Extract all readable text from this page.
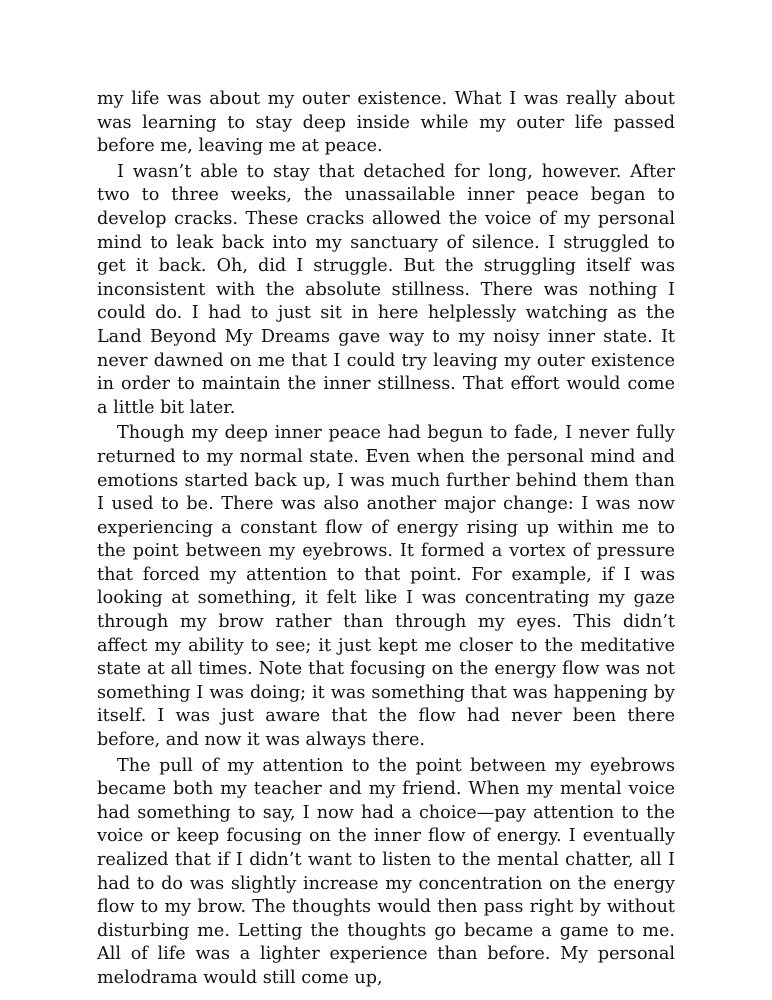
my life was about my outer existence. What I was really about was learning to stay deep inside while my outer life passed before me, leaving me at peace.

I wasn’t able to stay that detached for long, however. After two to three weeks, the unassailable inner peace began to develop cracks. These cracks allowed the voice of my personal mind to leak back into my sanctuary of silence. I struggled to get it back. Oh, did I struggle. But the struggling itself was inconsistent with the absolute stillness. There was nothing I could do. I had to just sit in here helplessly watching as the Land Beyond My Dreams gave way to my noisy inner state. It never dawned on me that I could try leaving my outer existence in order to maintain the inner stillness. That effort would come a little bit later.

Though my deep inner peace had begun to fade, I never fully returned to my normal state. Even when the personal mind and emotions started back up, I was much further behind them than I used to be. There was also another major change: I was now experiencing a constant flow of energy rising up within me to the point between my eyebrows. It formed a vortex of pressure that forced my attention to that point. For example, if I was looking at something, it felt like I was concentrating my gaze through my brow rather than through my eyes. This didn’t affect my ability to see; it just kept me closer to the meditative state at all times. Note that focusing on the energy flow was not something I was doing; it was something that was happening by itself. I was just aware that the flow had never been there before, and now it was always there.

The pull of my attention to the point between my eyebrows became both my teacher and my friend. When my mental voice had something to say, I now had a choice—pay attention to the voice or keep focusing on the inner flow of energy. I eventually realized that if I didn’t want to listen to the mental chatter, all I had to do was slightly increase my concentration on the energy flow to my brow. The thoughts would then pass right by without disturbing me. Letting the thoughts go became a game to me. All of life was a lighter experience than before. My personal melodrama would still come up,
